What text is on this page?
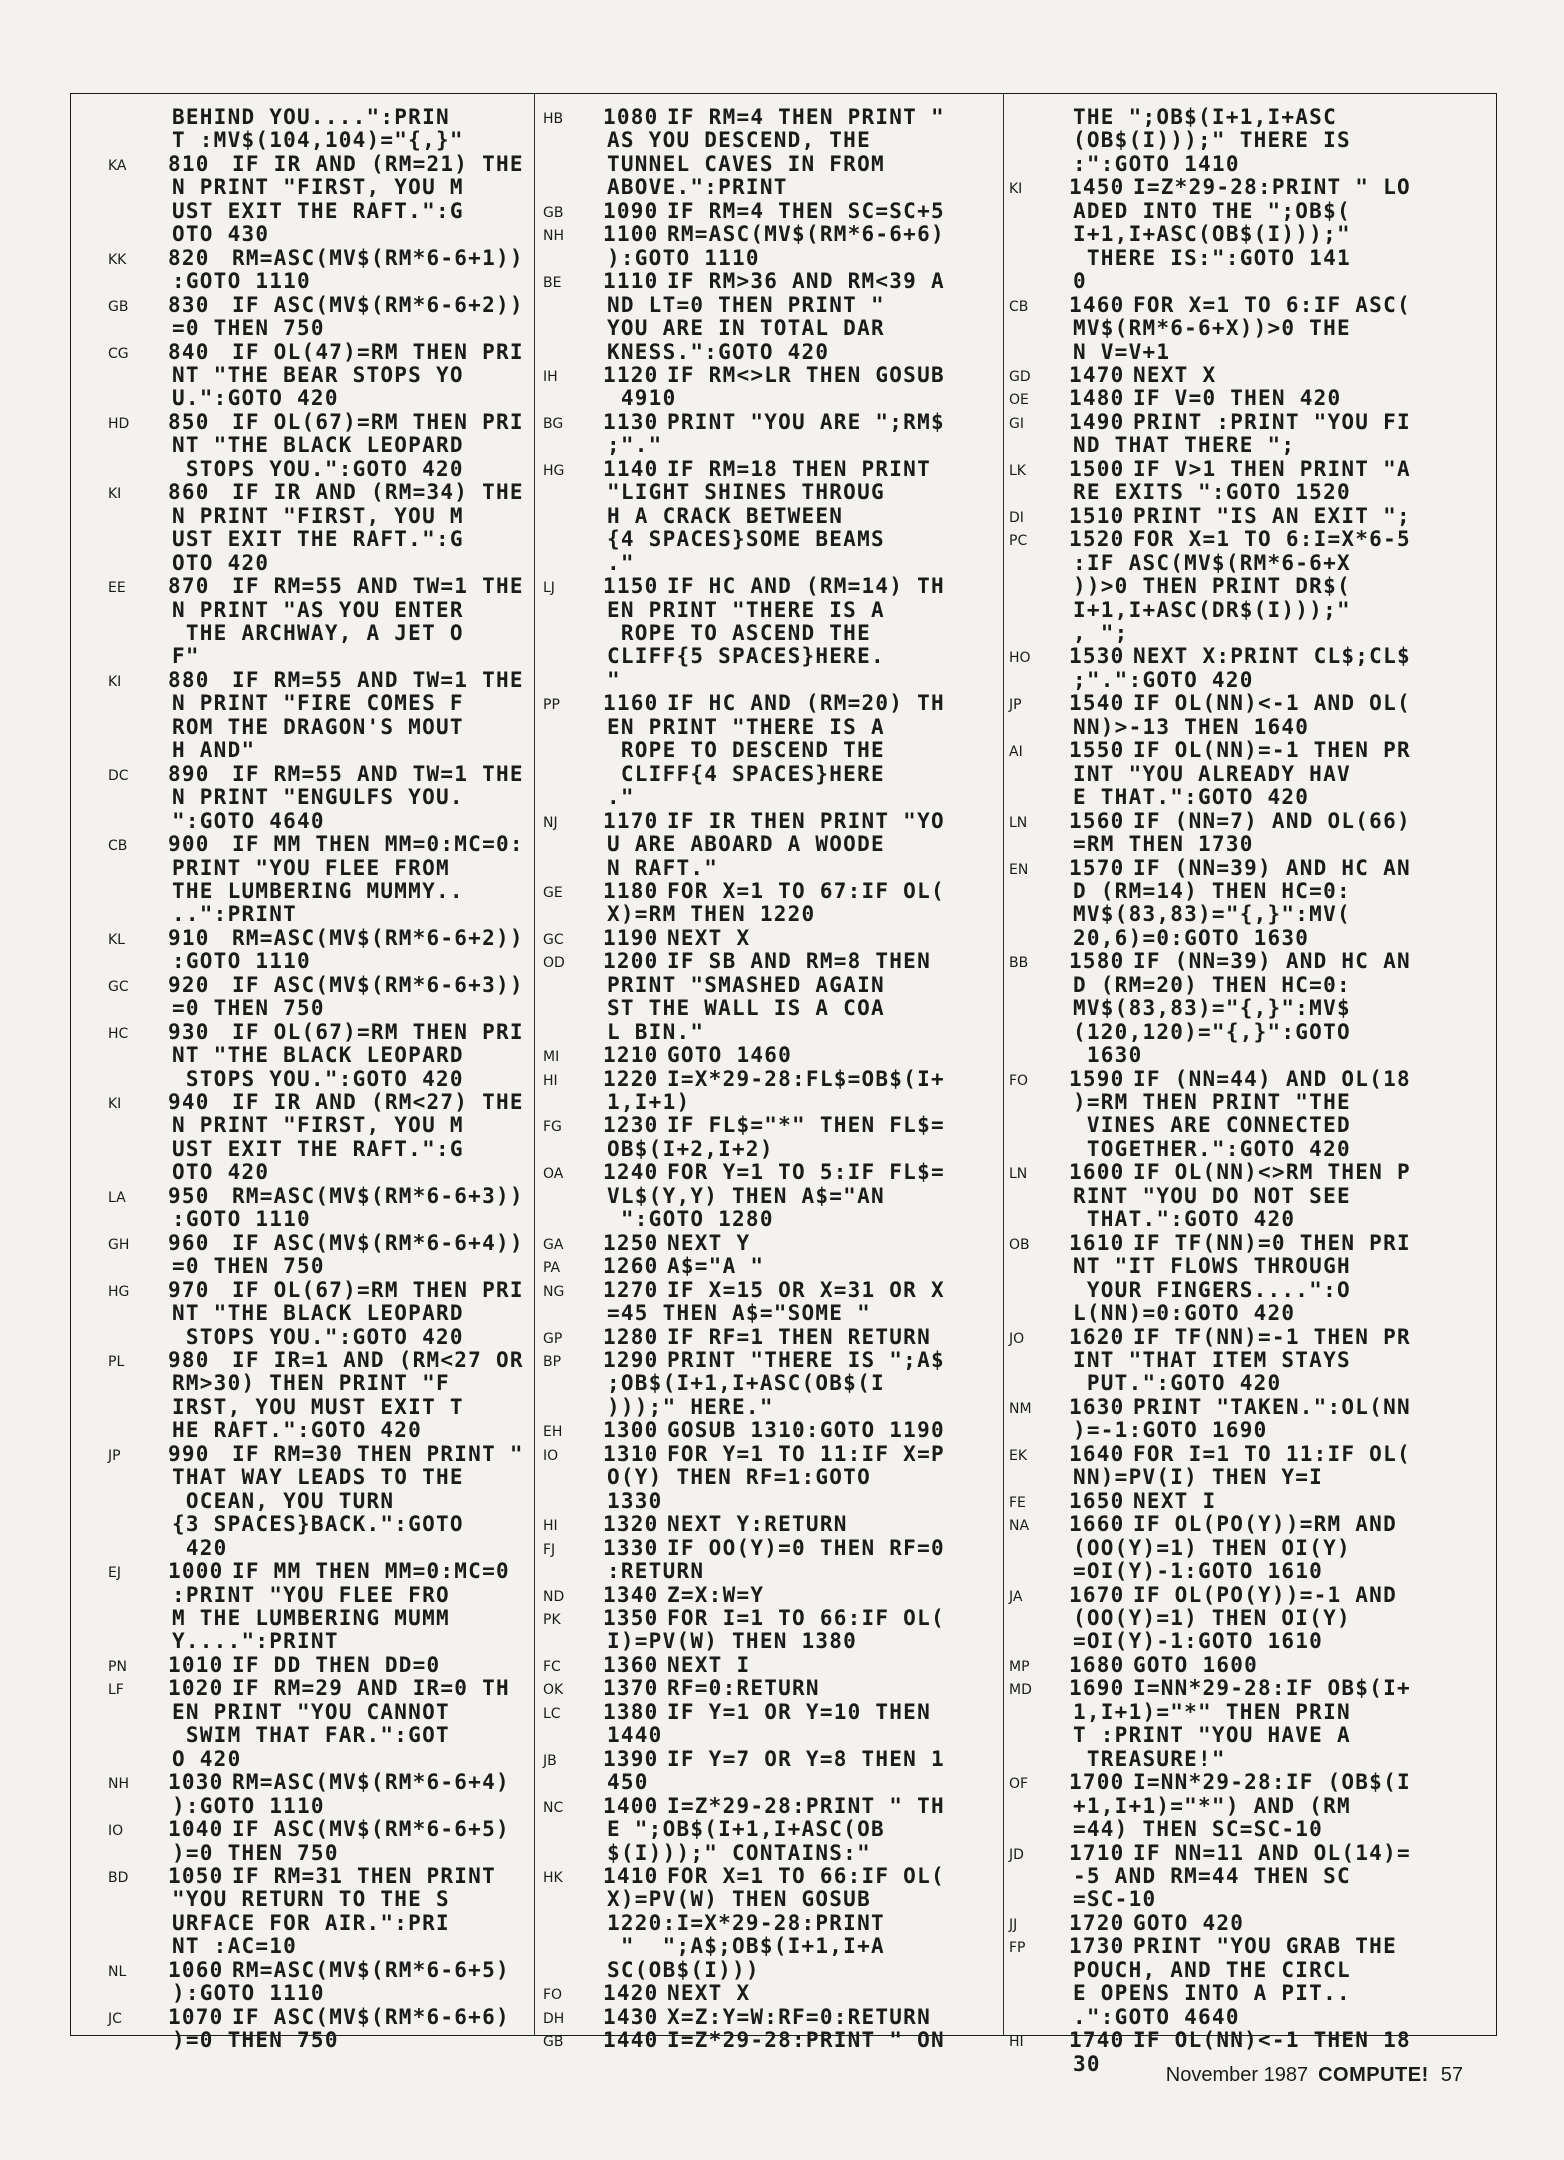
BEHIND YOU....":PRIN
T :MV$(104,104)="{,}"
KA 810 IF IR AND (RM=21) THE
N PRINT "FIRST, YOU M
UST EXIT THE RAFT.":G
OTO 430
KK 820 RM=ASC(MV$(RM*6-6+1))
:GOTO 1110
GB 830 IF ASC(MV$(RM*6-6+2))
=0 THEN 750
CG 840 IF OL(47)=RM THEN PRI
NT "THE BEAR STOPS YO
U.":GOTO 420
HD 850 IF OL(67)=RM THEN PRI
NT "THE BLACK LEOPARD
STOPS YOU.":GOTO 420
KI 860 IF IR AND (RM=34) THE
N PRINT "FIRST, YOU M
UST EXIT THE RAFT.":G
OTO 420
EE 870 IF RM=55 AND TW=1 THE
N PRINT "AS YOU ENTER
THE ARCHWAY, A JET O
F"
KI 880 IF RM=55 AND TW=1 THE
N PRINT "FIRE COMES F
ROM THE DRAGON'S MOUT
H AND"
DC 890 IF RM=55 AND TW=1 THE
N PRINT "ENGULFS YOU.
":GOTO 4640
CB 900 IF MM THEN MM=0:MC=0:
PRINT "YOU FLEE FROM
THE LUMBERING MUMMY..
..":PRINT
KL 910 RM=ASC(MV$(RM*6-6+2))
:GOTO 1110
GC 920 IF ASC(MV$(RM*6-6+3))
=0 THEN 750
HC 930 IF OL(67)=RM THEN PRI
NT "THE BLACK LEOPARD
STOPS YOU.":GOTO 420
KI 940 IF IR AND (RM<27) THE
N PRINT "FIRST, YOU M
UST EXIT THE RAFT.":G
OTO 420
LA 950 RM=ASC(MV$(RM*6-6+3))
:GOTO 1110
GH 960 IF ASC(MV$(RM*6-6+4))
=0 THEN 750
HG 970 IF OL(67)=RM THEN PRI
NT "THE BLACK LEOPARD
STOPS YOU.":GOTO 420
PL 980 IF IR=1 AND (RM<27 OR
RM>30) THEN PRINT "F
IRST, YOU MUST EXIT T
HE RAFT.":GOTO 420
JP 990 IF RM=30 THEN PRINT "
THAT WAY LEADS TO THE
OCEAN, YOU TURN
{3 SPACES}BACK.":GOTO
420
EJ 1000 IF MM THEN MM=0:MC=0
:PRINT "YOU FLEE FRO
M THE LUMBERING MUMM
Y....":PRINT
PN 1010 IF DD THEN DD=0
LF 1020 IF RM=29 AND IR=0 TH
EN PRINT "YOU CANNOT
SWIM THAT FAR.":GOT
O 420
NH 1030 RM=ASC(MV$(RM*6-6+4)
):GOTO 1110
IO 1040 IF ASC(MV$(RM*6-6+5)
)=0 THEN 750
BD 1050 IF RM=31 THEN PRINT
"YOU RETURN TO THE S
URFACE FOR AIR.":PRI
NT :AC=10
NL 1060 RM=ASC(MV$(RM*6-6+5)
):GOTO 1110
JC 1070 IF ASC(MV$(RM*6-6+6)
)=0 THEN 750
HB 1080 IF RM=4 THEN PRINT "
AS YOU DESCEND, THE
TUNNEL CAVES IN FROM
ABOVE.":PRINT
GB 1090 IF RM=4 THEN SC=SC+5
NH 1100 RM=ASC(MV$(RM*6-6+6)
):GOTO 1110
BE 1110 IF RM>36 AND RM<39 A
ND LT=0 THEN PRINT "
YOU ARE IN TOTAL DAR
KNESS.":GOTO 420
IH 1120 IF RM<>LR THEN GOSUB
4910
BG 1130 PRINT "YOU ARE ";RM$
;"."
HG 1140 IF RM=18 THEN PRINT
"LIGHT SHINES THROUG
H A CRACK BETWEEN
{4 SPACES}SOME BEAMS
."
LJ 1150 IF HC AND (RM=14) TH
EN PRINT "THERE IS A
ROPE TO ASCEND THE
CLIFF{5 SPACES}HERE.
"
PP 1160 IF HC AND (RM=20) TH
EN PRINT "THERE IS A
ROPE TO DESCEND THE
CLIFF{4 SPACES}HERE
."
NJ 1170 IF IR THEN PRINT "YO
U ARE ABOARD A WOODE
N RAFT."
GE 1180 FOR X=1 TO 67:IF OL(
X)=RM THEN 1220
GC 1190 NEXT X
OD 1200 IF SB AND RM=8 THEN
PRINT "SMASHED AGAIN
ST THE WALL IS A COA
L BIN."
MI 1210 GOTO 1460
HI 1220 I=X*29-28:FL$=OB$(I+
1,I+1)
FG 1230 IF FL$="*" THEN FL$=
OB$(I+2,I+2)
OA 1240 FOR Y=1 TO 5:IF FL$=
VL$(Y,Y) THEN A$="AN
":GOTO 1280
GA 1250 NEXT Y
PA 1260 A$="A "
NG 1270 IF X=15 OR X=31 OR X
=45 THEN A$="SOME "
GP 1280 IF RF=1 THEN RETURN
BP 1290 PRINT "THERE IS ";A$
;OB$(I+1,I+ASC(OB$(I
)));" HERE."
EH 1300 GOSUB 1310:GOTO 1190
IO 1310 FOR Y=1 TO 11:IF X=P
O(Y) THEN RF=1:GOTO
1330
HI 1320 NEXT Y:RETURN
FJ 1330 IF OO(Y)=0 THEN RF=0
:RETURN
ND 1340 Z=X:W=Y
PK 1350 FOR I=1 TO 66:IF OL(
I)=PV(W) THEN 1380
FC 1360 NEXT I
OK 1370 RF=0:RETURN
LC 1380 IF Y=1 OR Y=10 THEN
1440
JB 1390 IF Y=7 OR Y=8 THEN 1
450
NC 1400 I=Z*29-28:PRINT " TH
E ";OB$(I+1,I+ASC(OB
$(I)));" CONTAINS:"
HK 1410 FOR X=1 TO 66:IF OL(
X)=PV(W) THEN GOSUB
1220:I=X*29-28:PRINT
"  ";A$;OB$(I+1,I+A
SC(OB$(I)))
FO 1420 NEXT X
DH 1430 X=Z:Y=W:RF=0:RETURN
GB 1440 I=Z*29-28:PRINT " ON
THE ";OB$(I+1,I+ASC
(OB$(I)));" THERE IS
:":GOTO 1410
KI 1450 I=Z*29-28:PRINT " LO
ADED INTO THE ";OB$(
I+1,I+ASC(OB$(I)));"
THERE IS:":GOTO 141
0
CB 1460 FOR X=1 TO 6:IF ASC(
MV$(RM*6-6+X))>0 THE
N V=V+1
GD 1470 NEXT X
OE 1480 IF V=0 THEN 420
GI 1490 PRINT :PRINT "YOU FI
ND THAT THERE ";
LK 1500 IF V>1 THEN PRINT "A
RE EXITS ":GOTO 1520
DI 1510 PRINT "IS AN EXIT ";
PC 1520 FOR X=1 TO 6:I=X*6-5
:IF ASC(MV$(RM*6-6+X
))>0 THEN PRINT DR$(
I+1,I+ASC(DR$(I)));"
, ";
HO 1530 NEXT X:PRINT CL$;CL$
;".":GOTO 420
JP 1540 IF OL(NN)<-1 AND OL(
NN)>-13 THEN 1640
AI 1550 IF OL(NN)=-1 THEN PR
INT "YOU ALREADY HAV
E THAT.":GOTO 420
LN 1560 IF (NN=7) AND OL(66)
=RM THEN 1730
EN 1570 IF (NN=39) AND HC AN
D (RM=14) THEN HC=0:
MV$(83,83)="{,}":MV(
20,6)=0:GOTO 1630
BB 1580 IF (NN=39) AND HC AN
D (RM=20) THEN HC=0:
MV$(83,83)="{,}":MV$
(120,120)="{,}":GOTO
1630
FO 1590 IF (NN=44) AND OL(18
)=RM THEN PRINT "THE
VINES ARE CONNECTED
TOGETHER.":GOTO 420
LN 1600 IF OL(NN)<>RM THEN P
RINT "YOU DO NOT SEE
THAT.":GOTO 420
OB 1610 IF TF(NN)=0 THEN PRI
NT "IT FLOWS THROUGH
YOUR FINGERS....":O
L(NN)=0:GOTO 420
JO 1620 IF TF(NN)=-1 THEN PR
INT "THAT ITEM STAYS
PUT.":GOTO 420
NM 1630 PRINT "TAKEN.":OL(NN
)=-1:GOTO 1690
EK 1640 FOR I=1 TO 11:IF OL(
NN)=PV(I) THEN Y=I
FE 1650 NEXT I
NA 1660 IF OL(PO(Y))=RM AND
(OO(Y)=1) THEN OI(Y)
=OI(Y)-1:GOTO 1610
JA 1670 IF OL(PO(Y))=-1 AND
(OO(Y)=1) THEN OI(Y)
=OI(Y)-1:GOTO 1610
MP 1680 GOTO 1600
MD 1690 I=NN*29-28:IF OB$(I+
1,I+1)="*" THEN PRIN
T :PRINT "YOU HAVE A
TREASURE!"
OF 1700 I=NN*29-28:IF (OB$(I
+1,I+1)="*") AND (RM
=44) THEN SC=SC-10
JD 1710 IF NN=11 AND OL(14)=
-5 AND RM=44 THEN SC
=SC-10
JJ 1720 GOTO 420
FP 1730 PRINT "YOU GRAB THE
POUCH, AND THE CIRCL
E OPENS INTO A PIT..
.":GOTO 4640
HI 1740 IF OL(NN)<-1 THEN 18
30	November 1987 COMPUTE! 57
